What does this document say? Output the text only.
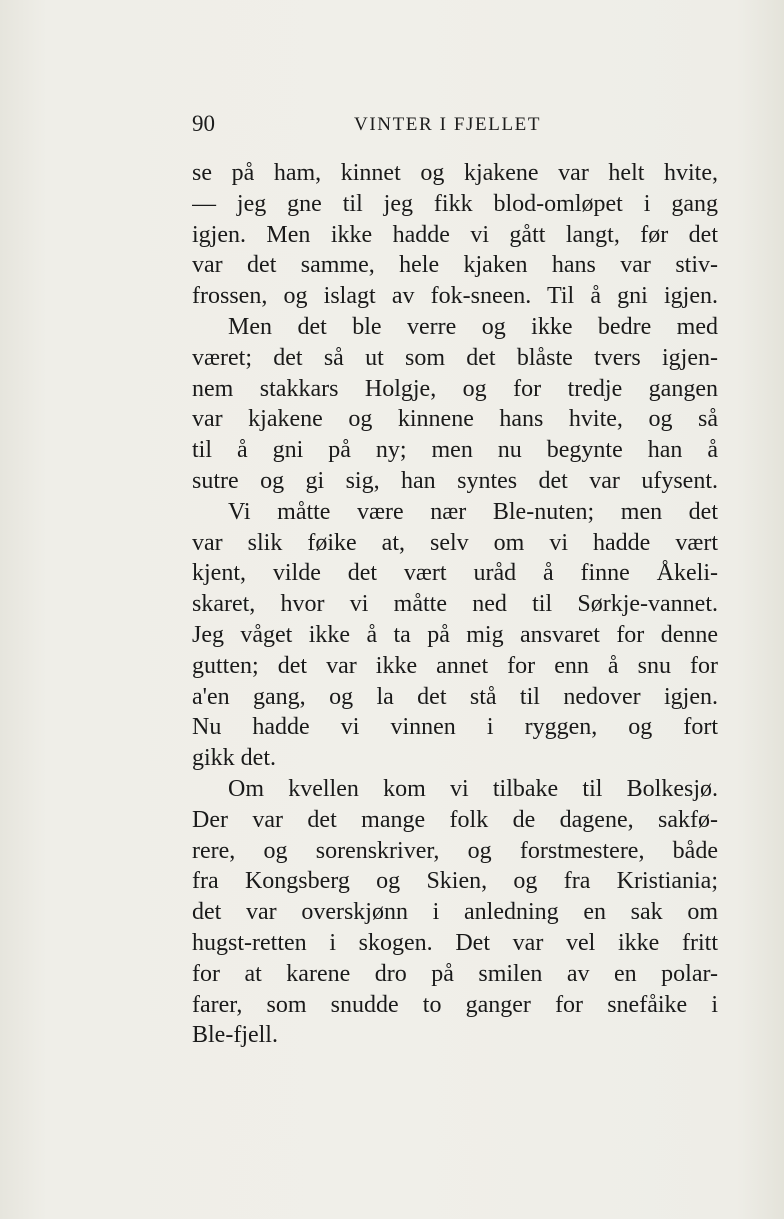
90	VINTER I FJELLET
se på ham, kinnet og kjakene var helt hvite,
— jeg gne til jeg fikk blod-omløpet i gang
igjen. Men ikke hadde vi gått langt, før det
var det samme, hele kjaken hans var stiv-
frossen, og islagt av fok-sneen. Til å gni igjen.
Men det ble verre og ikke bedre med
været; det så ut som det blåste tvers igjen-
nem stakkars Holgje, og for tredje gangen
var kjakene og kinnene hans hvite, og så
til å gni på ny; men nu begynte han å
sutre og gi sig, han syntes det var ufysent.
Vi måtte være nær Ble-nuten; men det
var slik føike at, selv om vi hadde vært
kjent, vilde det vært uråd å finne Åkeli-
skaret, hvor vi måtte ned til Sørkje-vannet.
Jeg våget ikke å ta på mig ansvaret for denne
gutten; det var ikke annet for enn å snu for
a'en gang, og la det stå til nedover igjen.
Nu hadde vi vinnen i ryggen, og fort
gikk det.
Om kvellen kom vi tilbake til Bolkesjø.
Der var det mange folk de dagene, sakfø-
rere, og sorenskriver, og forstmestere, både
fra Kongsberg og Skien, og fra Kristiania;
det var overskjønn i anledning en sak om
hugst-retten i skogen. Det var vel ikke fritt
for at karene dro på smilen av en polar-
farer, som snudde to ganger for snefåike i
Ble-fjell.
